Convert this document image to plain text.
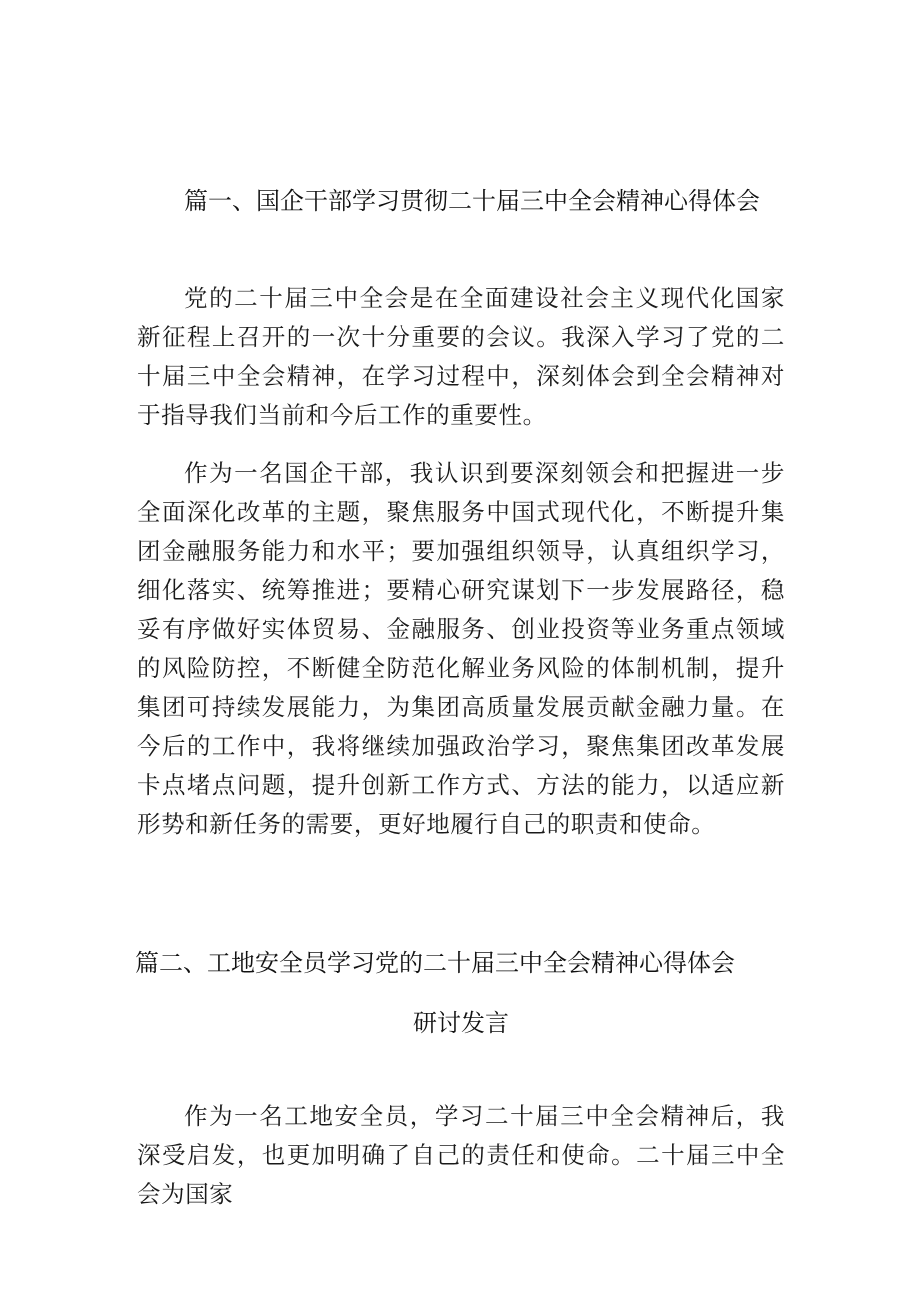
篇一、国企干部学习贯彻二十届三中全会精神心得体会

党的二十届三中全会是在全面建设社会主义现代化国家新征程上召开的一次十分重要的会议。我深入学习了党的二十届三中全会精神，在学习过程中，深刻体会到全会精神对于指导我们当前和今后工作的重要性。

作为一名国企干部，我认识到要深刻领会和把握进一步全面深化改革的主题，聚焦服务中国式现代化，不断提升集团金融服务能力和水平；要加强组织领导，认真组织学习，细化落实、统筹推进；要精心研究谋划下一步发展路径，稳妥有序做好实体贸易、金融服务、创业投资等业务重点领域的风险防控，不断健全防范化解业务风险的体制机制，提升集团可持续发展能力，为集团高质量发展贡献金融力量。在今后的工作中，我将继续加强政治学习，聚焦集团改革发展卡点堵点问题，提升创新工作方式、方法的能力，以适应新形势和新任务的需要，更好地履行自己的职责和使命。

篇二、工地安全员学习党的二十届三中全会精神心得体会
研讨发言

作为一名工地安全员，学习二十届三中全会精神后，我深受启发，也更加明确了自己的责任和使命。二十届三中全会为国家
